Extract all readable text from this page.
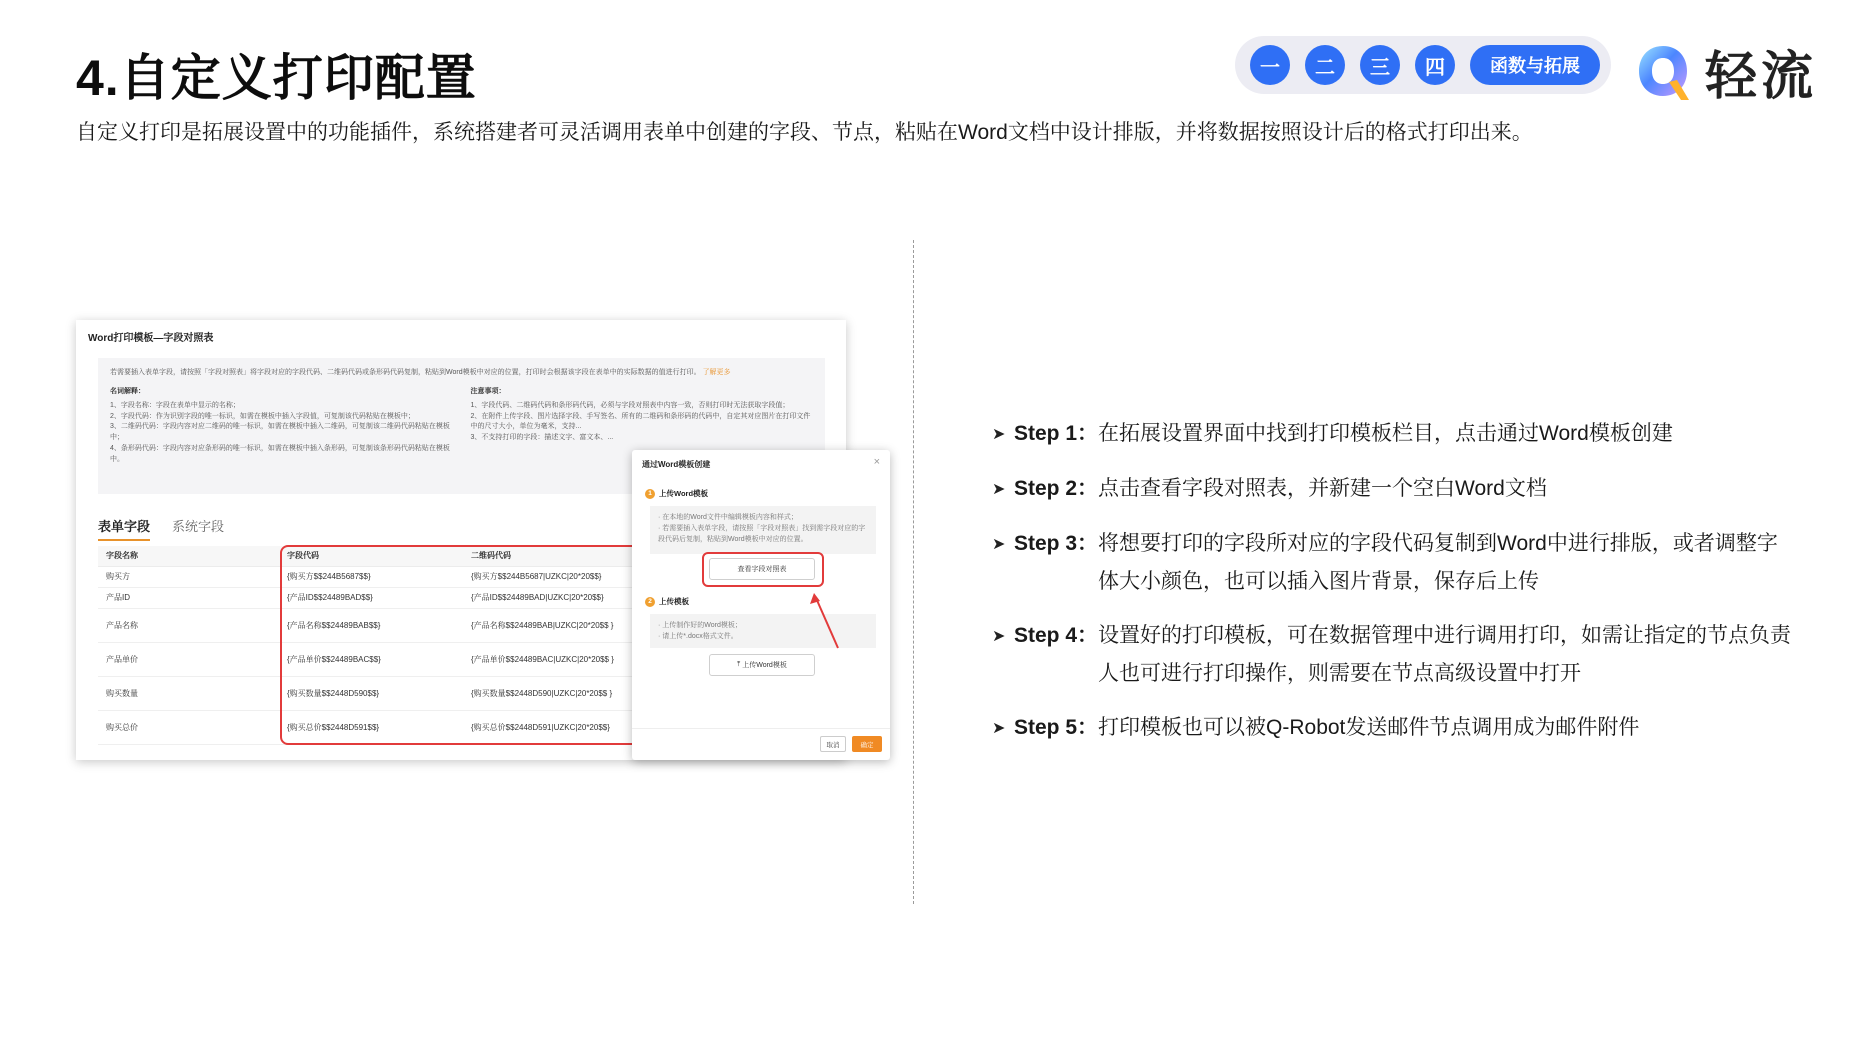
4.自定义打印配置
自定义打印是拓展设置中的功能插件，系统搭建者可灵活调用表单中创建的字段、节点，粘贴在Word文档中设计排版，并将数据按照设计后的格式打印出来。
一	二	三	四	函数与拓展	轻流
Word打印模板—字段对照表
若需要插入表单字段，请按照「字段对照表」将字段对应的字段代码、二维码代码或条形码代码复制，粘贴到Word模板中对应的位置，打印时会根据该字段在表单中的实际数据的值进行打印。 了解更多
名词解释：
1、字段名称：字段在表单中显示的名称；
2、字段代码：作为识别字段的唯一标识，如需在模板中插入字段值，可复制该代码粘贴在模板中；
3、二维码代码：字段内容对应二维码的唯一标识，如需在模板中插入二维码，可复制该二维码代码粘贴在模板中；
4、条形码代码：字段内容对应条形码的唯一标识，如需在模板中插入条形码，可复制该条形码代码粘贴在模板中。
注意事项：
1、字段代码、二维码代码和条形码代码，必须与字段对照表中内容一致，否则打印时无法获取字段值；
2、在附件上传字段、图片选择字段、手写签名、所有的二维码和条形码的代码中，自定其对应图片在打印文件中的尺寸大小，单位为毫米，支持...
3、不支持打印的字段：描述文字、富文本、...
表单字段 系统字段
字段名称	字段代码	二维码代码
购买方	{购买方$$244B5687$$}	{购买方$$244B5687|UZKC|20*20$$}
产品ID	{产品ID$$24489BAD$$}	{产品ID$$24489BAD|UZKC|20*20$$}
产品名称	{产品名称$$24489BAB$$}	{产品名称$$24489BAB|UZKC|20*20$$ }
产品单价	{产品单价$$24489BAC$$}	{产品单价$$24489BAC|UZKC|20*20$$ }
购买数量	{购买数量$$2448D590$$}	{购买数量$$2448D590|UZKC|20*20$$ }
购买总价	{购买总价$$2448D591$$}	{购买总价$$2448D591|UZKC|20*20$$}
通过Word模板创建	×
1 上传Word模板
· 在本地的Word文件中编辑模板内容和样式；
· 若需要插入表单字段，请按照「字段对照表」找到需字段对应的字段代码后复制，粘贴到Word模板中对应的位置。
查看字段对照表
2 上传模板
· 上传制作好的Word模板；
· 请上传*.docx格式文件。
⤒ 上传Word模板
取消	确定
➤ Step 1： 在拓展设置界面中找到打印模板栏目，点击通过Word模板创建
➤ Step 2： 点击查看字段对照表，并新建一个空白Word文档
➤ Step 3： 将想要打印的字段所对应的字段代码复制到Word中进行排版，或者调整字体大小颜色，也可以插入图片背景，保存后上传
➤ Step 4： 设置好的打印模板，可在数据管理中进行调用打印，如需让指定的节点负责人也可进行打印操作，则需要在节点高级设置中打开
➤ Step 5： 打印模板也可以被Q-Robot发送邮件节点调用成为邮件附件
